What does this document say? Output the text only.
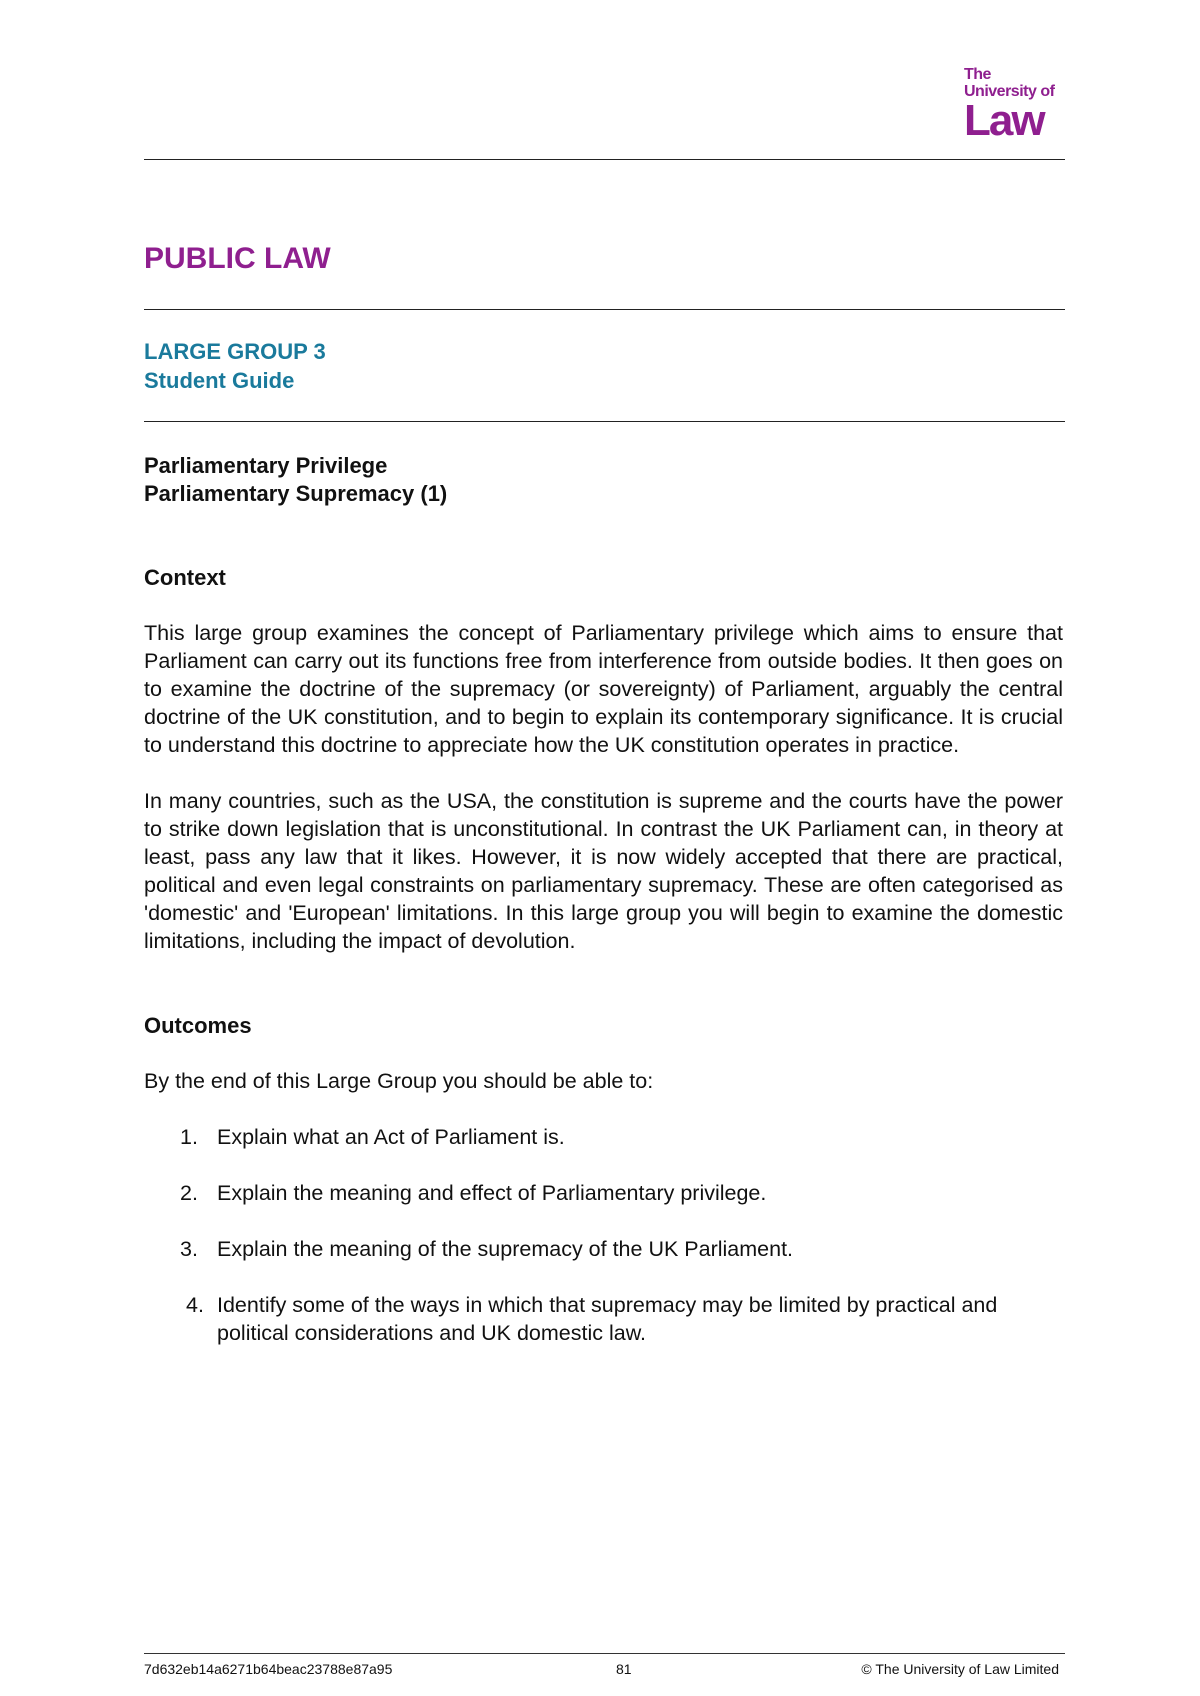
The
University of
Law
PUBLIC LAW
LARGE GROUP 3
Student Guide
Parliamentary Privilege
Parliamentary Supremacy (1)
Context

This large group examines the concept of Parliamentary privilege which aims to ensure that Parliament can carry out its functions free from interference from outside bodies. It then goes on to examine the doctrine of the supremacy (or sovereignty) of Parliament, arguably the central doctrine of the UK constitution, and to begin to explain its contemporary significance. It is crucial to understand this doctrine to appreciate how the UK constitution operates in practice.

In many countries, such as the USA, the constitution is supreme and the courts have the power to strike down legislation that is unconstitutional. In contrast the UK Parliament can, in theory at least, pass any law that it likes. However, it is now widely accepted that there are practical, political and even legal constraints on parliamentary supremacy. These are often categorised as 'domestic' and 'European' limitations. In this large group you will begin to examine the domestic limitations, including the impact of devolution.

Outcomes

By the end of this Large Group you should be able to:

1. Explain what an Act of Parliament is.
2. Explain the meaning and effect of Parliamentary privilege.
3. Explain the meaning of the supremacy of the UK Parliament.
4. Identify some of the ways in which that supremacy may be limited by practical and political considerations and UK domestic law.
7d632eb14a6271b64beac23788e87a95	81	© The University of Law Limited
